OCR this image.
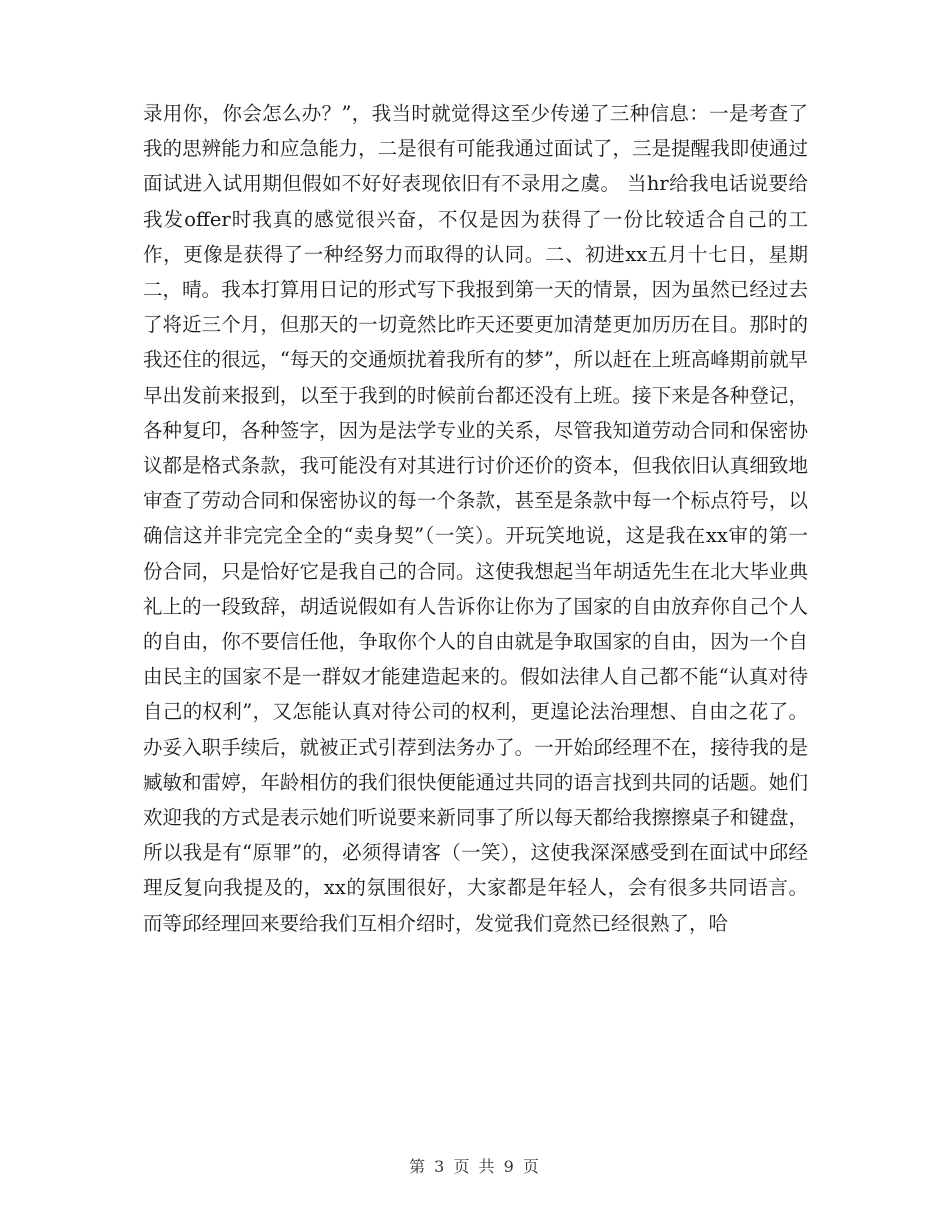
录用你，你会怎么办？”，我当时就觉得这至少传递了三种信息：一是考查了我的思辨能力和应急能力，二是很有可能我通过面试了，三是提醒我即使通过面试进入试用期但假如不好好表现依旧有不录用之虞。 当hr给我电话说要给我发offer时我真的感觉很兴奋，不仅是因为获得了一份比较适合自己的工作，更像是获得了一种经努力而取得的认同。二、初进xx五月十七日，星期二，晴。我本打算用日记的形式写下我报到第一天的情景，因为虽然已经过去了将近三个月，但那天的一切竟然比昨天还要更加清楚更加历历在目。那时的我还住的很远，“每天的交通烦扰着我所有的梦”，所以赶在上班高峰期前就早早出发前来报到，以至于我到的时候前台都还没有上班。接下来是各种登记，各种复印，各种签字，因为是法学专业的关系，尽管我知道劳动合同和保密协议都是格式条款，我可能没有对其进行讨价还价的资本，但我依旧认真细致地审查了劳动合同和保密协议的每一个条款，甚至是条款中每一个标点符号，以确信这并非完完全全的“卖身契”（一笑）。开玩笑地说，这是我在xx审的第一份合同，只是恰好它是我自己的合同。这使我想起当年胡适先生在北大毕业典礼上的一段致辞，胡适说假如有人告诉你让你为了国家的自由放弃你自己个人的自由，你不要信任他，争取你个人的自由就是争取国家的自由，因为一个自由民主的国家不是一群奴才能建造起来的。假如法律人自己都不能“认真对待自己的权利”，又怎能认真对待公司的权利，更遑论法治理想、自由之花了。办妥入职手续后，就被正式引荐到法务办了。一开始邱经理不在，接待我的是臧敏和雷婷，年龄相仿的我们很快便能通过共同的语言找到共同的话题。她们欢迎我的方式是表示她们听说要来新同事了所以每天都给我擦擦桌子和键盘，所以我是有“原罪”的，必须得请客（一笑），这使我深深感受到在面试中邱经理反复向我提及的，xx的氛围很好，大家都是年轻人，会有很多共同语言。而等邱经理回来要给我们互相介绍时，发觉我们竟然已经很熟了，哈

第 3 页 共 9 页
